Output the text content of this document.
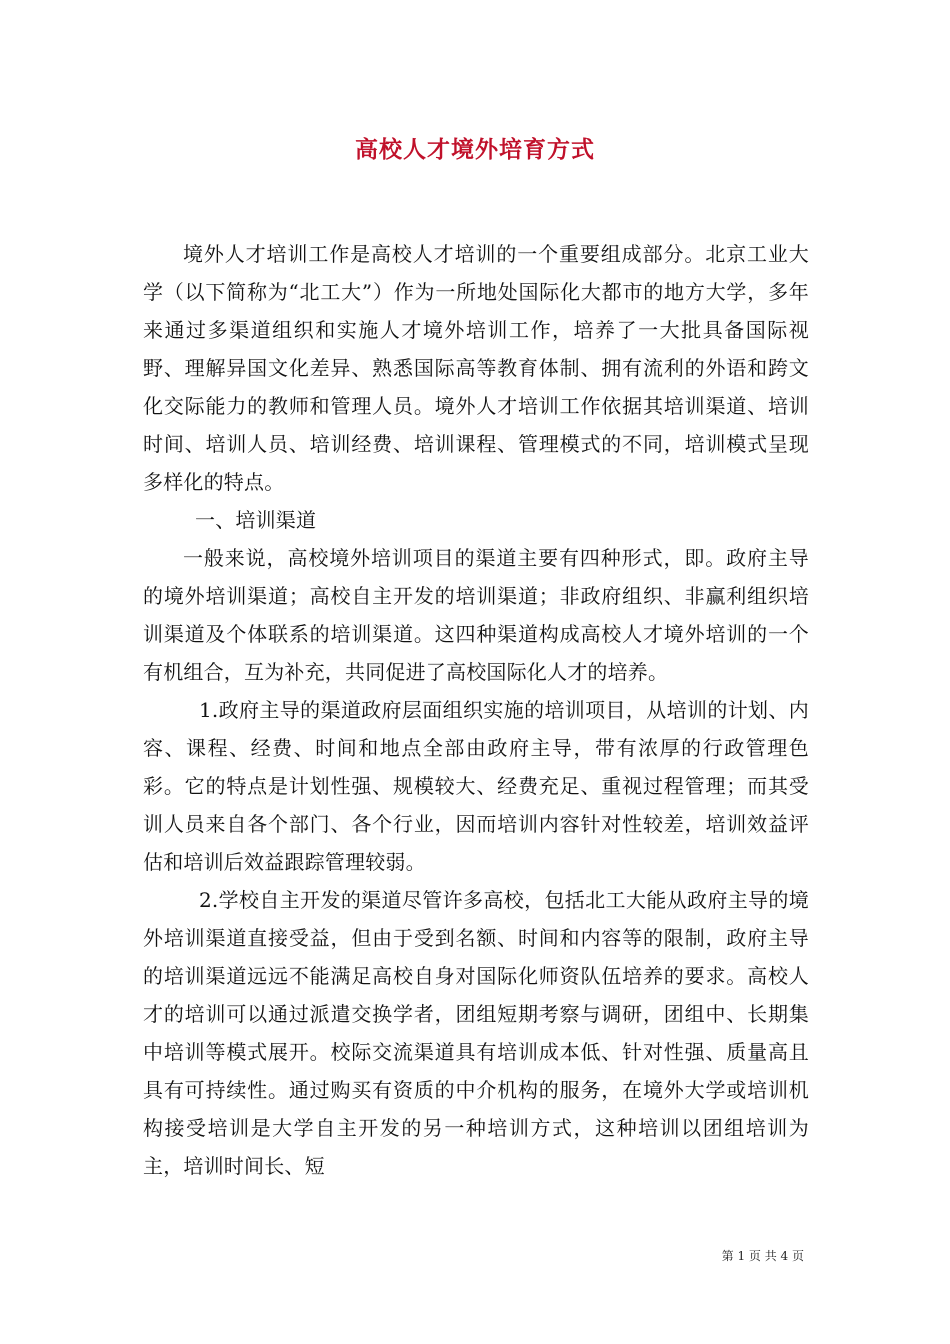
高校人才境外培育方式

境外人才培训工作是高校人才培训的一个重要组成部分。北京工业大学（以下简称为“北工大”）作为一所地处国际化大都市的地方大学，多年来通过多渠道组织和实施人才境外培训工作，培养了一大批具备国际视野、理解异国文化差异、熟悉国际高等教育体制、拥有流利的外语和跨文化交际能力的教师和管理人员。境外人才培训工作依据其培训渠道、培训时间、培训人员、培训经费、培训课程、管理模式的不同，培训模式呈现多样化的特点。

一、培训渠道

一般来说，高校境外培训项目的渠道主要有四种形式，即。政府主导的境外培训渠道；高校自主开发的培训渠道；非政府组织、非赢利组织培训渠道及个体联系的培训渠道。这四种渠道构成高校人才境外培训的一个有机组合，互为补充，共同促进了高校国际化人才的培养。

1.政府主导的渠道政府层面组织实施的培训项目，从培训的计划、内容、课程、经费、时间和地点全部由政府主导，带有浓厚的行政管理色彩。它的特点是计划性强、规模较大、经费充足、重视过程管理；而其受训人员来自各个部门、各个行业，因而培训内容针对性较差，培训效益评估和培训后效益跟踪管理较弱。

2.学校自主开发的渠道尽管许多高校，包括北工大能从政府主导的境外培训渠道直接受益，但由于受到名额、时间和内容等的限制，政府主导的培训渠道远远不能满足高校自身对国际化师资队伍培养的要求。高校人才的培训可以通过派遣交换学者，团组短期考察与调研，团组中、长期集中培训等模式展开。校际交流渠道具有培训成本低、针对性强、质量高且具有可持续性。通过购买有资质的中介机构的服务，在境外大学或培训机构接受培训是大学自主开发的另一种培训方式，这种培训以团组培训为主，培训时间长、短

第 1 页 共 4 页
